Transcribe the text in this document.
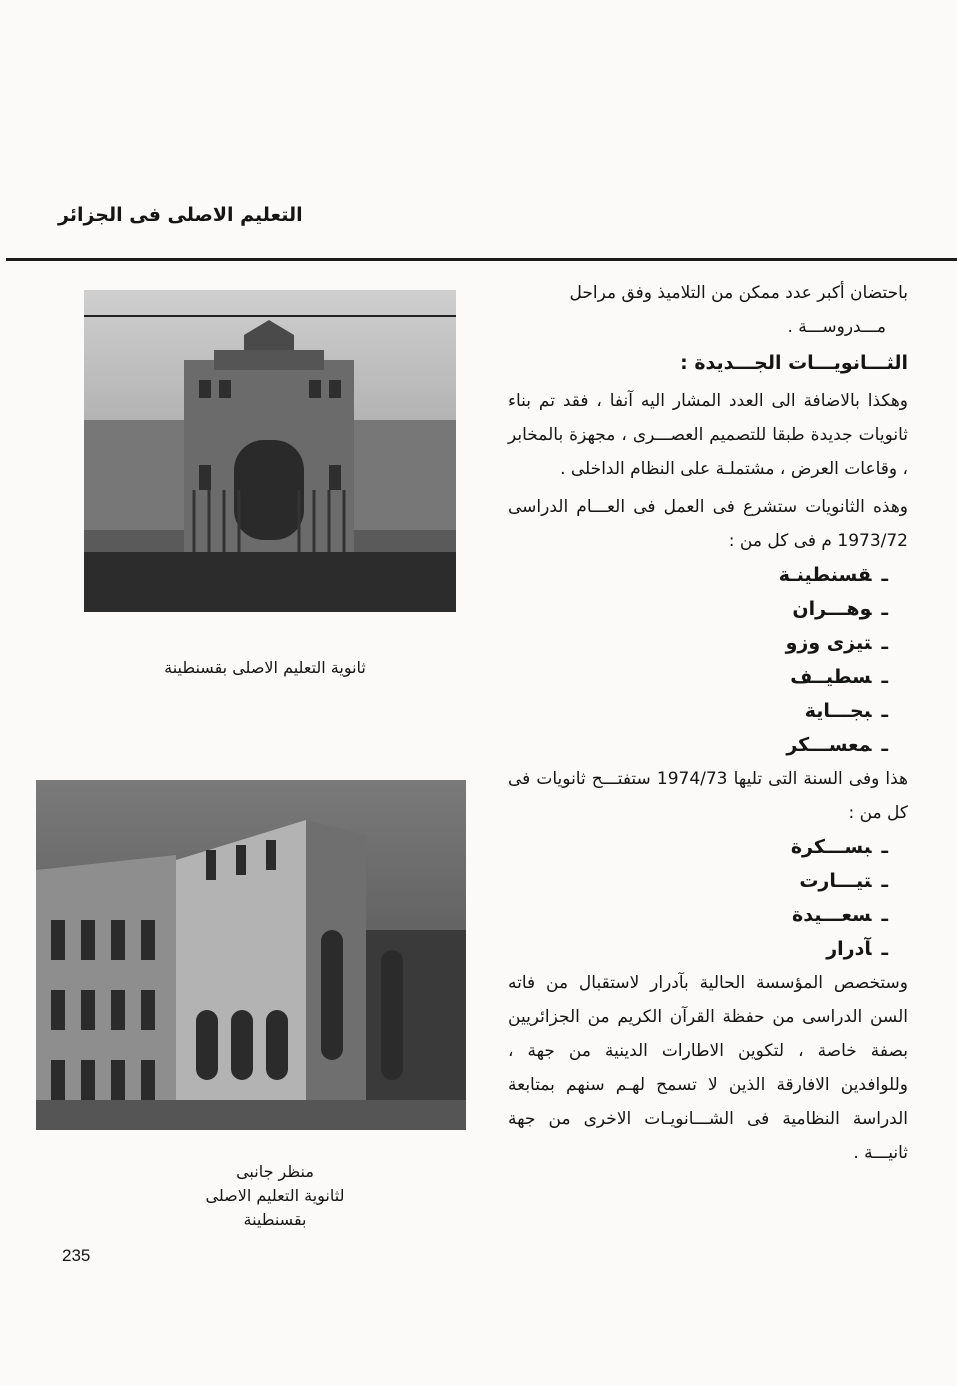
التعليم الاصلى فى الجزائر
ثانوية التعليم الاصلى بقسنطينة
منظر جانبى
لثانوية التعليم الاصلى
بقسنطينة

باحتضان أكبر عدد ممكن من التلاميذ وفق مراحل

مـــدروســـة .

الثـــانويـــات الجـــديدة :

وهكذا بالاضافة الى العدد المشار اليه آنفا ، فقد تم بناء ثانويات جديدة طبقا للتصميم العصـــرى ، مجهزة بالمخابر ، وقاعات العرض ، مشتملـة على النظام الداخلى .

وهذه الثانويات ستشرع فى العمل فى العـــام الدراسى 1973/72 م فى كل من :

ـقسنطينـة
ـوهـــران
ـتيزى وزو
ـسطيــف
ـبجـــاية
ـمعســـكر

هذا وفى السنة التى تليها 1974/73 ستفتـــح ثانويات فى كل من :

ـبســـكرة
ـتيـــارت
ـسعـــيدة
ـآدرار

وستخصص المؤسسة الحالية بآدرار لاستقبال من فاته السن الدراسى من حفظة القرآن الكريم من الجزائريين بصفة خاصة ، لتكوين الاطارات الدينية من جهة ، وللوافدين الافارقة الذين لا تسمح لهـم سنهم بمتابعة الدراسة النظامية فى الشـــانويـات الاخرى من جهة ثانيـــة .

235
